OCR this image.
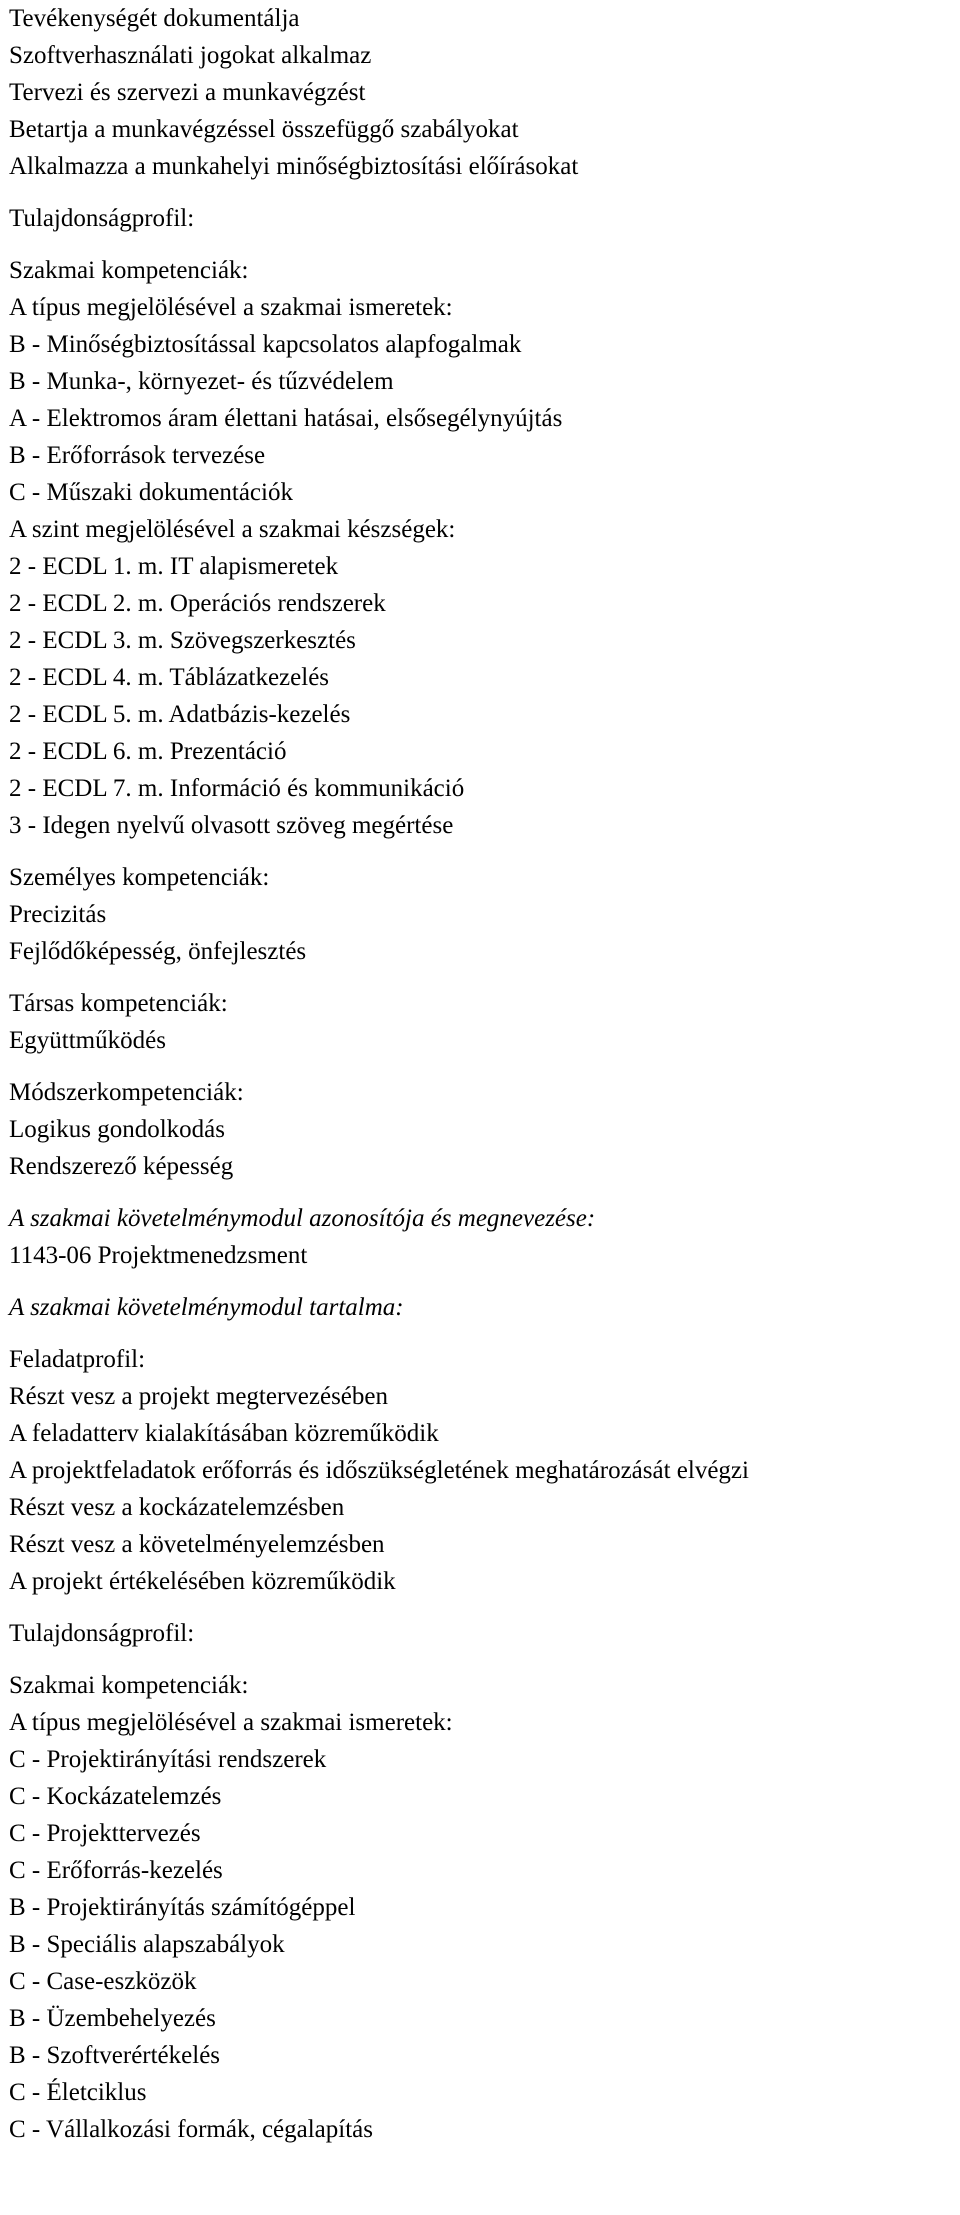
Tevékenységét dokumentálja

Szoftverhasználati jogokat alkalmaz

Tervezi és szervezi a munkavégzést

Betartja a munkavégzéssel összefüggő szabályokat

Alkalmazza a munkahelyi minőségbiztosítási előírásokat

Tulajdonságprofil:

Szakmai kompetenciák:

A típus megjelölésével a szakmai ismeretek:

B - Minőségbiztosítással kapcsolatos alapfogalmak

B - Munka-, környezet- és tűzvédelem

A - Elektromos áram élettani hatásai, elsősegélynyújtás

B - Erőforrások tervezése

C - Műszaki dokumentációk

A szint megjelölésével a szakmai készségek:

2 - ECDL 1. m. IT alapismeretek

2 - ECDL 2. m. Operációs rendszerek

2 - ECDL 3. m. Szövegszerkesztés

2 - ECDL 4. m. Táblázatkezelés

2 - ECDL 5. m. Adatbázis-kezelés

2 - ECDL 6. m. Prezentáció

2 - ECDL 7. m. Információ és kommunikáció

3 - Idegen nyelvű olvasott szöveg megértése

Személyes kompetenciák:

Precizitás

Fejlődőképesség, önfejlesztés

Társas kompetenciák:

Együttműködés

Módszerkompetenciák:

Logikus gondolkodás

Rendszerező képesség

A szakmai követelménymodul azonosítója és megnevezése:

1143-06 Projektmenedzsment

A szakmai követelménymodul tartalma:

Feladatprofil:

Részt vesz a projekt megtervezésében

A feladatterv kialakításában közreműködik

A projektfeladatok erőforrás és időszükségletének meghatározását elvégzi

Részt vesz a kockázatelemzésben

Részt vesz a követelményelemzésben

A projekt értékelésében közreműködik

Tulajdonságprofil:

Szakmai kompetenciák:

A típus megjelölésével a szakmai ismeretek:

C - Projektirányítási rendszerek

C - Kockázatelemzés

C - Projekttervezés

C - Erőforrás-kezelés

B - Projektirányítás számítógéppel

B - Speciális alapszabályok

C - Case-eszközök

B - Üzembehelyezés

B - Szoftverértékelés

C - Életciklus

C - Vállalkozási formák, cégalapítás
